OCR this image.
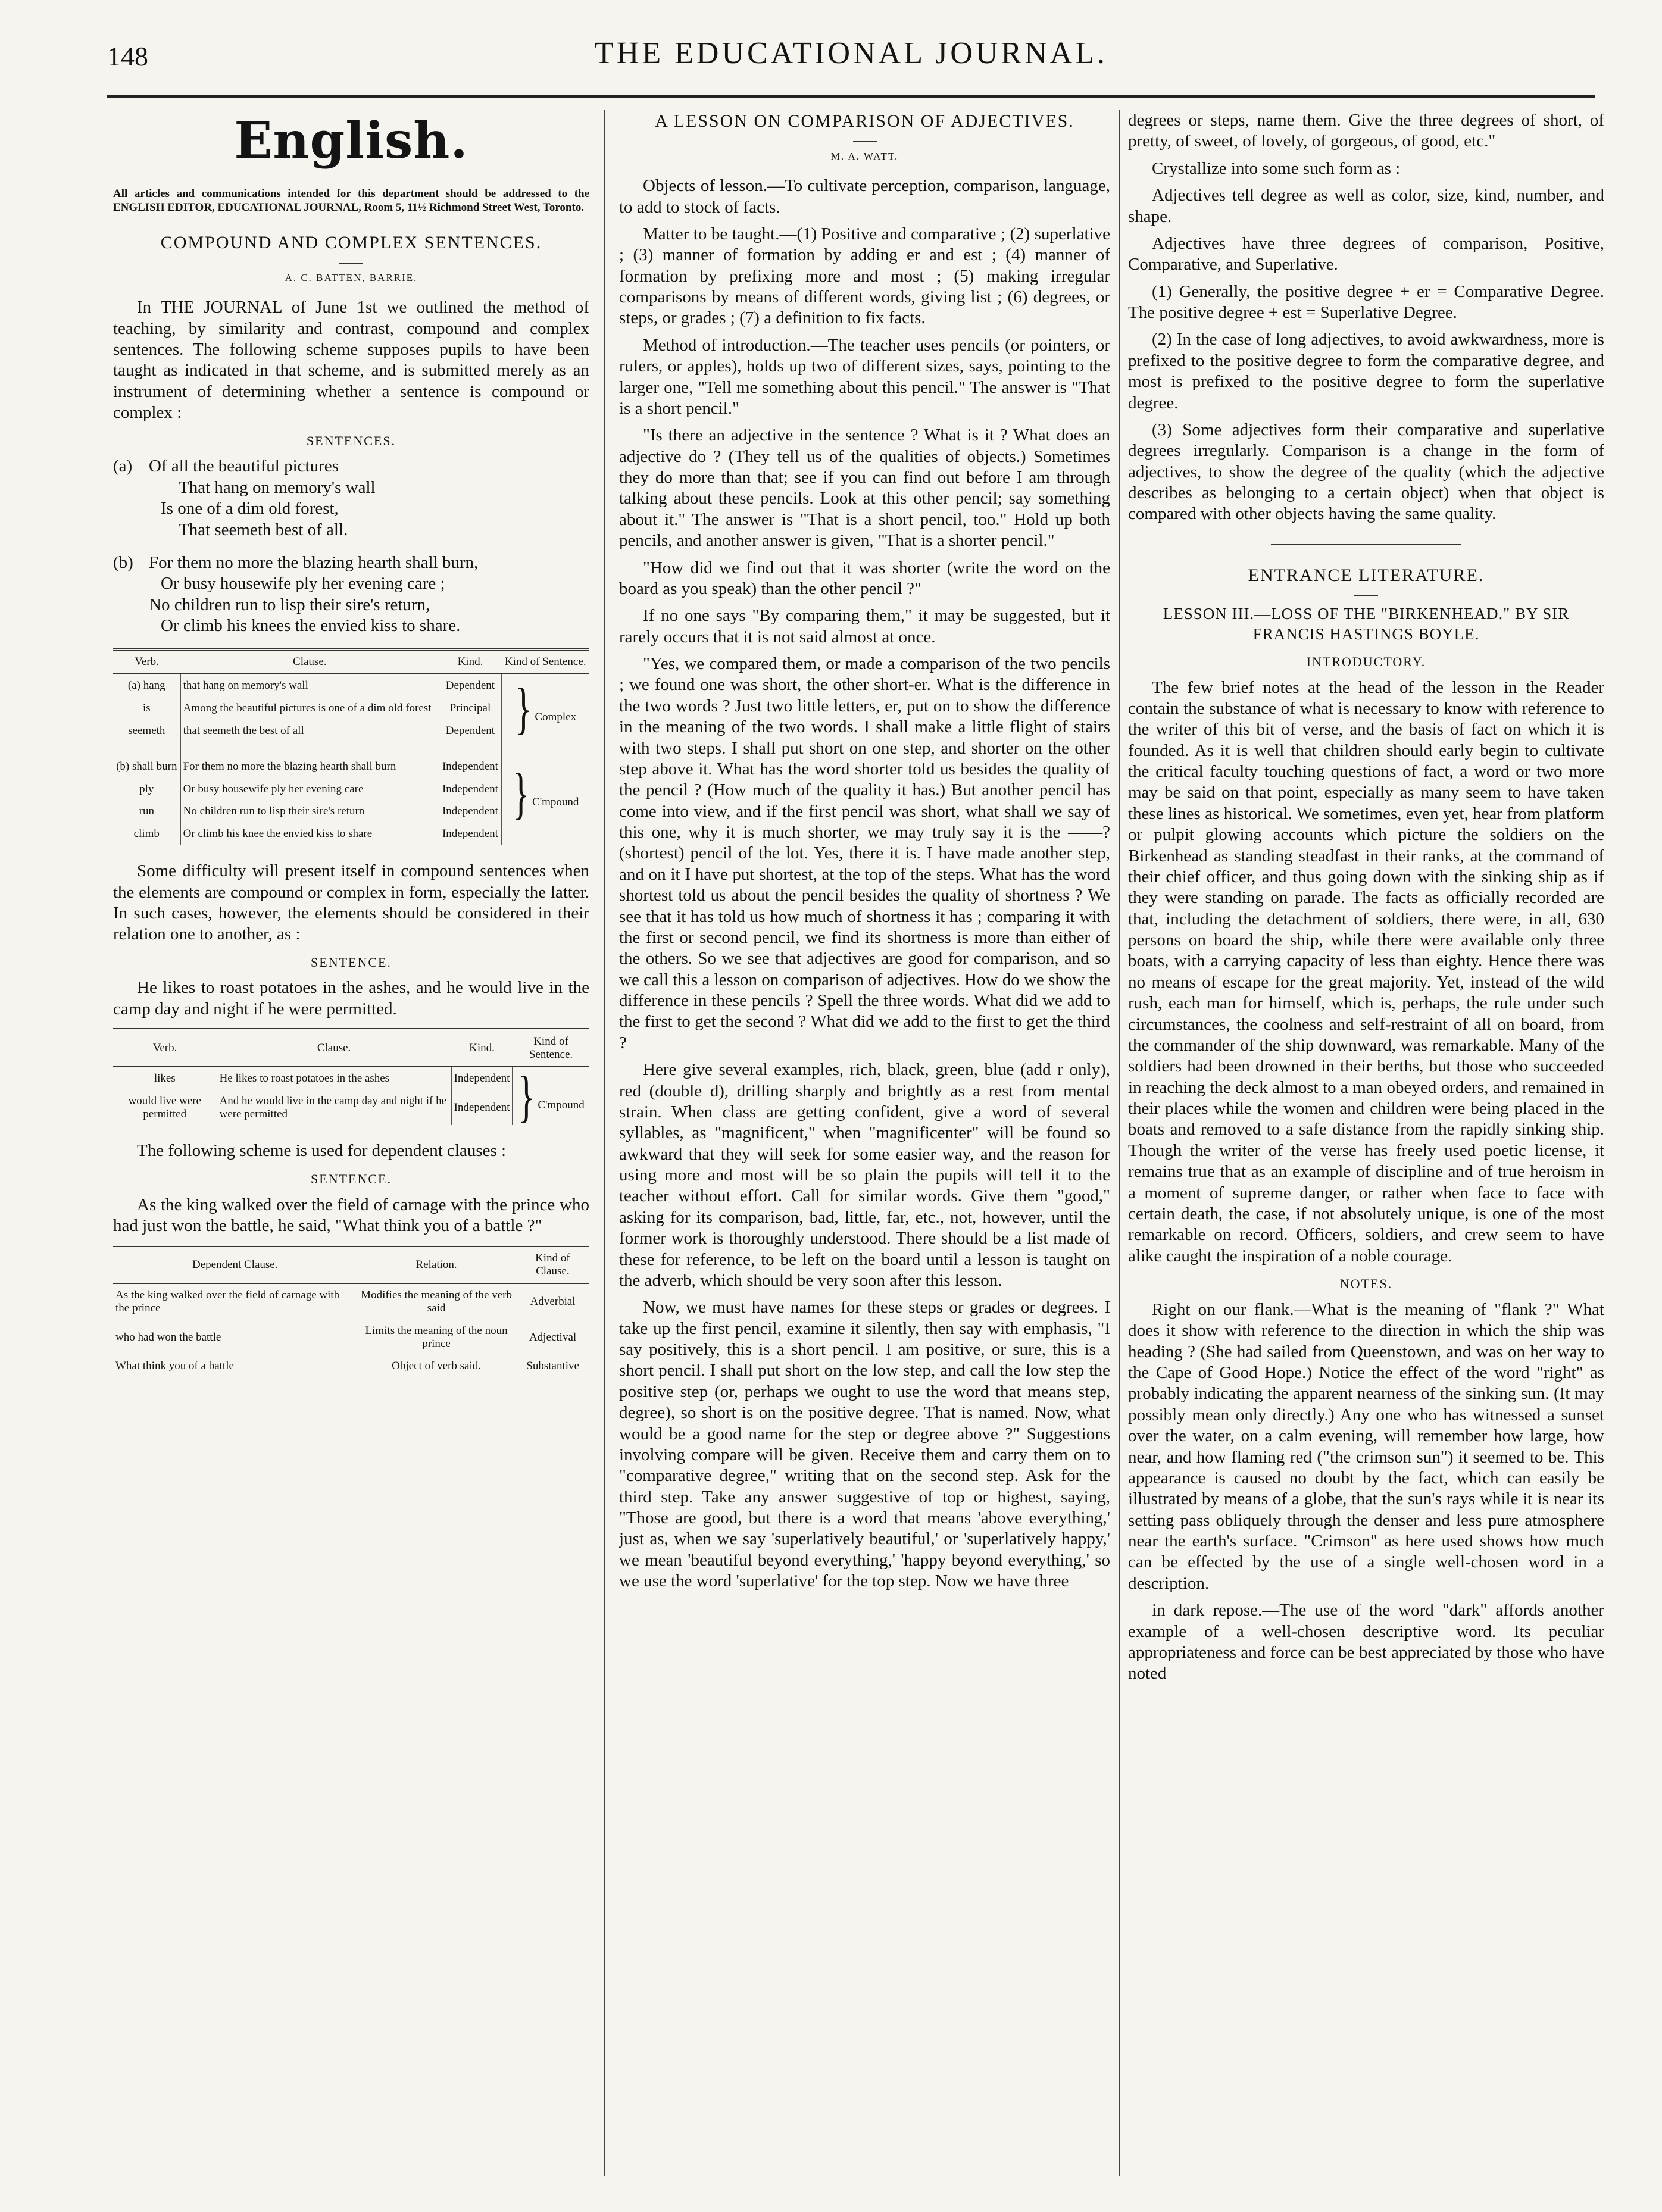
148	THE EDUCATIONAL JOURNAL.
English.

All articles and communications intended for this department should be addressed to the ENGLISH EDITOR, EDUCATIONAL JOURNAL, Room 5, 11½ Richmond Street West, Toronto.

COMPOUND AND COMPLEX SENTENCES.
A. C. BATTEN, BARRIE.

In THE JOURNAL of June 1st we outlined the method of teaching, by similarity and contrast, compound and complex sentences. The following scheme supposes pupils to have been taught as indicated in that scheme, and is submitted merely as an instrument of determining whether a sentence is compound or complex :

SENTENCES.
(a) Of all the beautiful pictures
That hang on memory's wall
Is one of a dim old forest,
That seemeth best of all.
(b) For them no more the blazing hearth shall burn,
Or busy housewife ply her evening care ;
No children run to lisp their sire's return,
Or climb his knees the envied kiss to share.
Verb.	Clause.	Kind.	Kind of Sentence.
(a) hang	that hang on memory's wall	Dependent	} Complex
is	Among the beautiful pictures is one of a dim old forest	Principal	
seemeth	that seemeth the best of all	Dependent	
(b) shall burn	For them no more the blazing hearth shall burn	Independent	} C'mpound
ply	Or busy housewife ply her evening care	Independent	
run	No children run to lisp their sire's return	Independent	
climb	Or climb his knee the envied kiss to share	Independent	

Some difficulty will present itself in compound sentences when the elements are compound or complex in form, especially the latter. In such cases, however, the elements should be considered in their relation one to another, as :

SENTENCE.

He likes to roast potatoes in the ashes, and he would live in the camp day and night if he were permitted.

Verb.	Clause.	Kind.	Kind of Sentence.
likes	He likes to roast potatoes in the ashes	Independent	} C'mpound
would live were permitted	And he would live in the camp day and night if he were permitted	Independent	

The following scheme is used for dependent clauses :

SENTENCE.

As the king walked over the field of carnage with the prince who had just won the battle, he said, "What think you of a battle ?"

Dependent Clause.	Relation.	Kind of Clause.
As the king walked over the field of carnage with the prince	Modifies the meaning of the verb said	Adverbial
who had won the battle	Limits the meaning of the noun prince	Adjectival
What think you of a battle	Object of verb said.	Substantive
A LESSON ON COMPARISON OF ADJECTIVES.
M. A. WATT.

Objects of lesson.—To cultivate perception, comparison, language, to add to stock of facts.

Matter to be taught.—(1) Positive and comparative ; (2) superlative ; (3) manner of formation by adding er and est ; (4) manner of formation by prefixing more and most ; (5) making irregular comparisons by means of different words, giving list ; (6) degrees, or steps, or grades ; (7) a definition to fix facts.

Method of introduction.—The teacher uses pencils (or pointers, or rulers, or apples), holds up two of different sizes, says, pointing to the larger one, "Tell me something about this pencil." The answer is "That is a short pencil."

"Is there an adjective in the sentence ? What is it ? What does an adjective do ? (They tell us of the qualities of objects.) Sometimes they do more than that; see if you can find out before I am through talking about these pencils. Look at this other pencil; say something about it." The answer is "That is a short pencil, too." Hold up both pencils, and another answer is given, "That is a shorter pencil."

"How did we find out that it was shorter (write the word on the board as you speak) than the other pencil ?"

If no one says "By comparing them," it may be suggested, but it rarely occurs that it is not said almost at once.

"Yes, we compared them, or made a comparison of the two pencils ; we found one was short, the other short-er. What is the difference in the two words ? Just two little letters, er, put on to show the difference in the meaning of the two words. I shall make a little flight of stairs with two steps. I shall put short on one step, and shorter on the other step above it. What has the word shorter told us besides the quality of the pencil ? (How much of the quality it has.) But another pencil has come into view, and if the first pencil was short, what shall we say of this one, why it is much shorter, we may truly say it is the ——? (shortest) pencil of the lot. Yes, there it is. I have made another step, and on it I have put shortest, at the top of the steps. What has the word shortest told us about the pencil besides the quality of shortness ? We see that it has told us how much of shortness it has ; comparing it with the first or second pencil, we find its shortness is more than either of the others. So we see that adjectives are good for comparison, and so we call this a lesson on comparison of adjectives. How do we show the difference in these pencils ? Spell the three words. What did we add to the first to get the second ? What did we add to the first to get the third ?

Here give several examples, rich, black, green, blue (add r only), red (double d), drilling sharply and brightly as a rest from mental strain. When class are getting confident, give a word of several syllables, as "magnificent," when "magnificenter" will be found so awkward that they will seek for some easier way, and the reason for using more and most will be so plain the pupils will tell it to the teacher without effort. Call for similar words. Give them "good," asking for its comparison, bad, little, far, etc., not, however, until the former work is thoroughly understood. There should be a list made of these for reference, to be left on the board until a lesson is taught on the adverb, which should be very soon after this lesson.

Now, we must have names for these steps or grades or degrees. I take up the first pencil, examine it silently, then say with emphasis, "I say positively, this is a short pencil. I am positive, or sure, this is a short pencil. I shall put short on the low step, and call the low step the positive step (or, perhaps we ought to use the word that means step, degree), so short is on the positive degree. That is named. Now, what would be a good name for the step or degree above ?" Suggestions involving compare will be given. Receive them and carry them on to "comparative degree," writing that on the second step. Ask for the third step. Take any answer suggestive of top or highest, saying, "Those are good, but there is a word that means 'above everything,' just as, when we say 'superlatively beautiful,' or 'superlatively happy,' we mean 'beautiful beyond everything,' 'happy beyond everything,' so we use the word 'superlative' for the top step. Now we have three

degrees or steps, name them. Give the three degrees of short, of pretty, of sweet, of lovely, of gorgeous, of good, etc."

Crystallize into some such form as :

Adjectives tell degree as well as color, size, kind, number, and shape.

Adjectives have three degrees of comparison, Positive, Comparative, and Superlative.

(1) Generally, the positive degree + er = Comparative Degree. The positive degree + est = Superlative Degree.

(2) In the case of long adjectives, to avoid awkwardness, more is prefixed to the positive degree to form the comparative degree, and most is prefixed to the positive degree to form the superlative degree.

(3) Some adjectives form their comparative and superlative degrees irregularly. Comparison is a change in the form of adjectives, to show the degree of the quality (which the adjective describes as belonging to a certain object) when that object is compared with other objects having the same quality.

ENTRANCE LITERATURE.
LESSON III.—LOSS OF THE "BIRKENHEAD." BY SIR FRANCIS HASTINGS BOYLE.
INTRODUCTORY.

The few brief notes at the head of the lesson in the Reader contain the substance of what is necessary to know with reference to the writer of this bit of verse, and the basis of fact on which it is founded. As it is well that children should early begin to cultivate the critical faculty touching questions of fact, a word or two more may be said on that point, especially as many seem to have taken these lines as historical. We sometimes, even yet, hear from platform or pulpit glowing accounts which picture the soldiers on the Birkenhead as standing steadfast in their ranks, at the command of their chief officer, and thus going down with the sinking ship as if they were standing on parade. The facts as officially recorded are that, including the detachment of soldiers, there were, in all, 630 persons on board the ship, while there were available only three boats, with a carrying capacity of less than eighty. Hence there was no means of escape for the great majority. Yet, instead of the wild rush, each man for himself, which is, perhaps, the rule under such circumstances, the coolness and self-restraint of all on board, from the commander of the ship downward, was remarkable. Many of the soldiers had been drowned in their berths, but those who succeeded in reaching the deck almost to a man obeyed orders, and remained in their places while the women and children were being placed in the boats and removed to a safe distance from the rapidly sinking ship. Though the writer of the verse has freely used poetic license, it remains true that as an example of discipline and of true heroism in a moment of supreme danger, or rather when face to face with certain death, the case, if not absolutely unique, is one of the most remarkable on record. Officers, soldiers, and crew seem to have alike caught the inspiration of a noble courage.

NOTES.

Right on our flank.—What is the meaning of "flank ?" What does it show with reference to the direction in which the ship was heading ? (She had sailed from Queenstown, and was on her way to the Cape of Good Hope.) Notice the effect of the word "right" as probably indicating the apparent nearness of the sinking sun. (It may possibly mean only directly.) Any one who has witnessed a sunset over the water, on a calm evening, will remember how large, how near, and how flaming red ("the crimson sun") it seemed to be. This appearance is caused no doubt by the fact, which can easily be illustrated by means of a globe, that the sun's rays while it is near its setting pass obliquely through the denser and less pure atmosphere near the earth's surface. "Crimson" as here used shows how much can be effected by the use of a single well-chosen word in a description.

in dark repose.—The use of the word "dark" affords another example of a well-chosen descriptive word. Its peculiar appropriateness and force can be best appreciated by those who have noted
